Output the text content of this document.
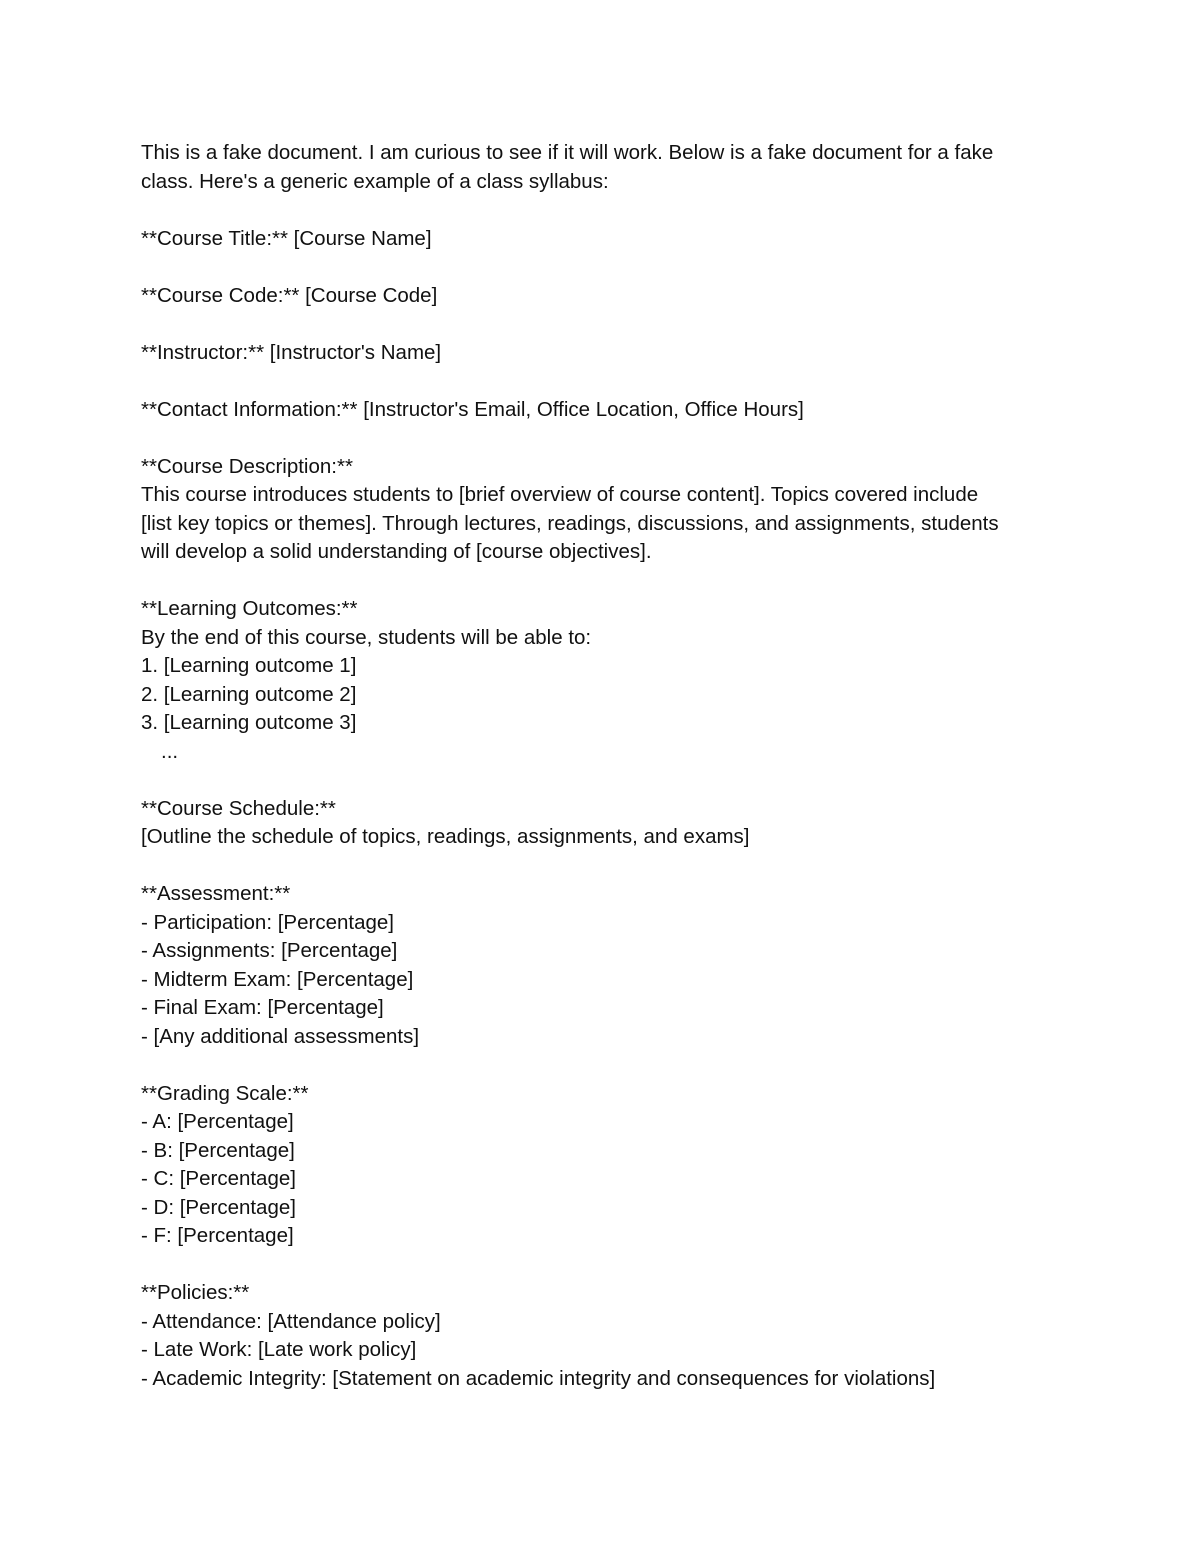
This is a fake document. I am curious to see if it will work. Below is a fake document for a fake
class. Here's a generic example of a class syllabus:
**Course Title:** [Course Name]
**Course Code:** [Course Code]
**Instructor:** [Instructor's Name]
**Contact Information:** [Instructor's Email, Office Location, Office Hours]
**Course Description:**
This course introduces students to [brief overview of course content]. Topics covered include
[list key topics or themes]. Through lectures, readings, discussions, and assignments, students
will develop a solid understanding of [course objectives].
**Learning Outcomes:**
By the end of this course, students will be able to:
1. [Learning outcome 1]
2. [Learning outcome 2]
3. [Learning outcome 3]
...
**Course Schedule:**
[Outline the schedule of topics, readings, assignments, and exams]
**Assessment:**
- Participation: [Percentage]
- Assignments: [Percentage]
- Midterm Exam: [Percentage]
- Final Exam: [Percentage]
- [Any additional assessments]
**Grading Scale:**
- A: [Percentage]
- B: [Percentage]
- C: [Percentage]
- D: [Percentage]
- F: [Percentage]
**Policies:**
- Attendance: [Attendance policy]
- Late Work: [Late work policy]
- Academic Integrity: [Statement on academic integrity and consequences for violations]
